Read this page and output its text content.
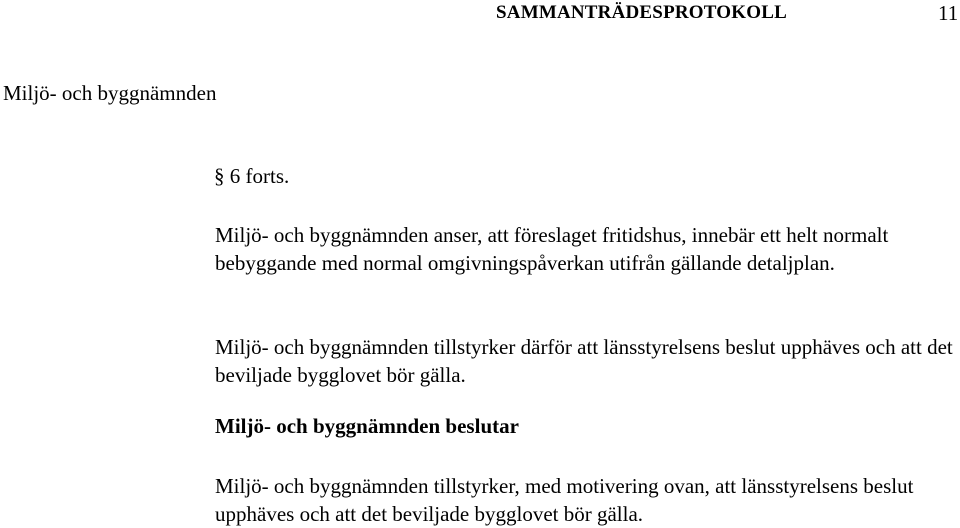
SAMMANTRÄDESPROTOKOLL	11
Miljö- och byggnämnden
§ 6 forts.

Miljö- och byggnämnden anser, att föreslaget fritidshus, innebär ett helt normalt bebyggande med normal omgivningspåverkan utifrån gällande detaljplan.

Miljö- och byggnämnden tillstyrker därför att länsstyrelsens beslut upphäves och att det beviljade bygglovet bör gälla.

Miljö- och byggnämnden beslutar

Miljö- och byggnämnden tillstyrker, med motivering ovan, att länsstyrelsens beslut upphäves och att det beviljade bygglovet bör gälla.
